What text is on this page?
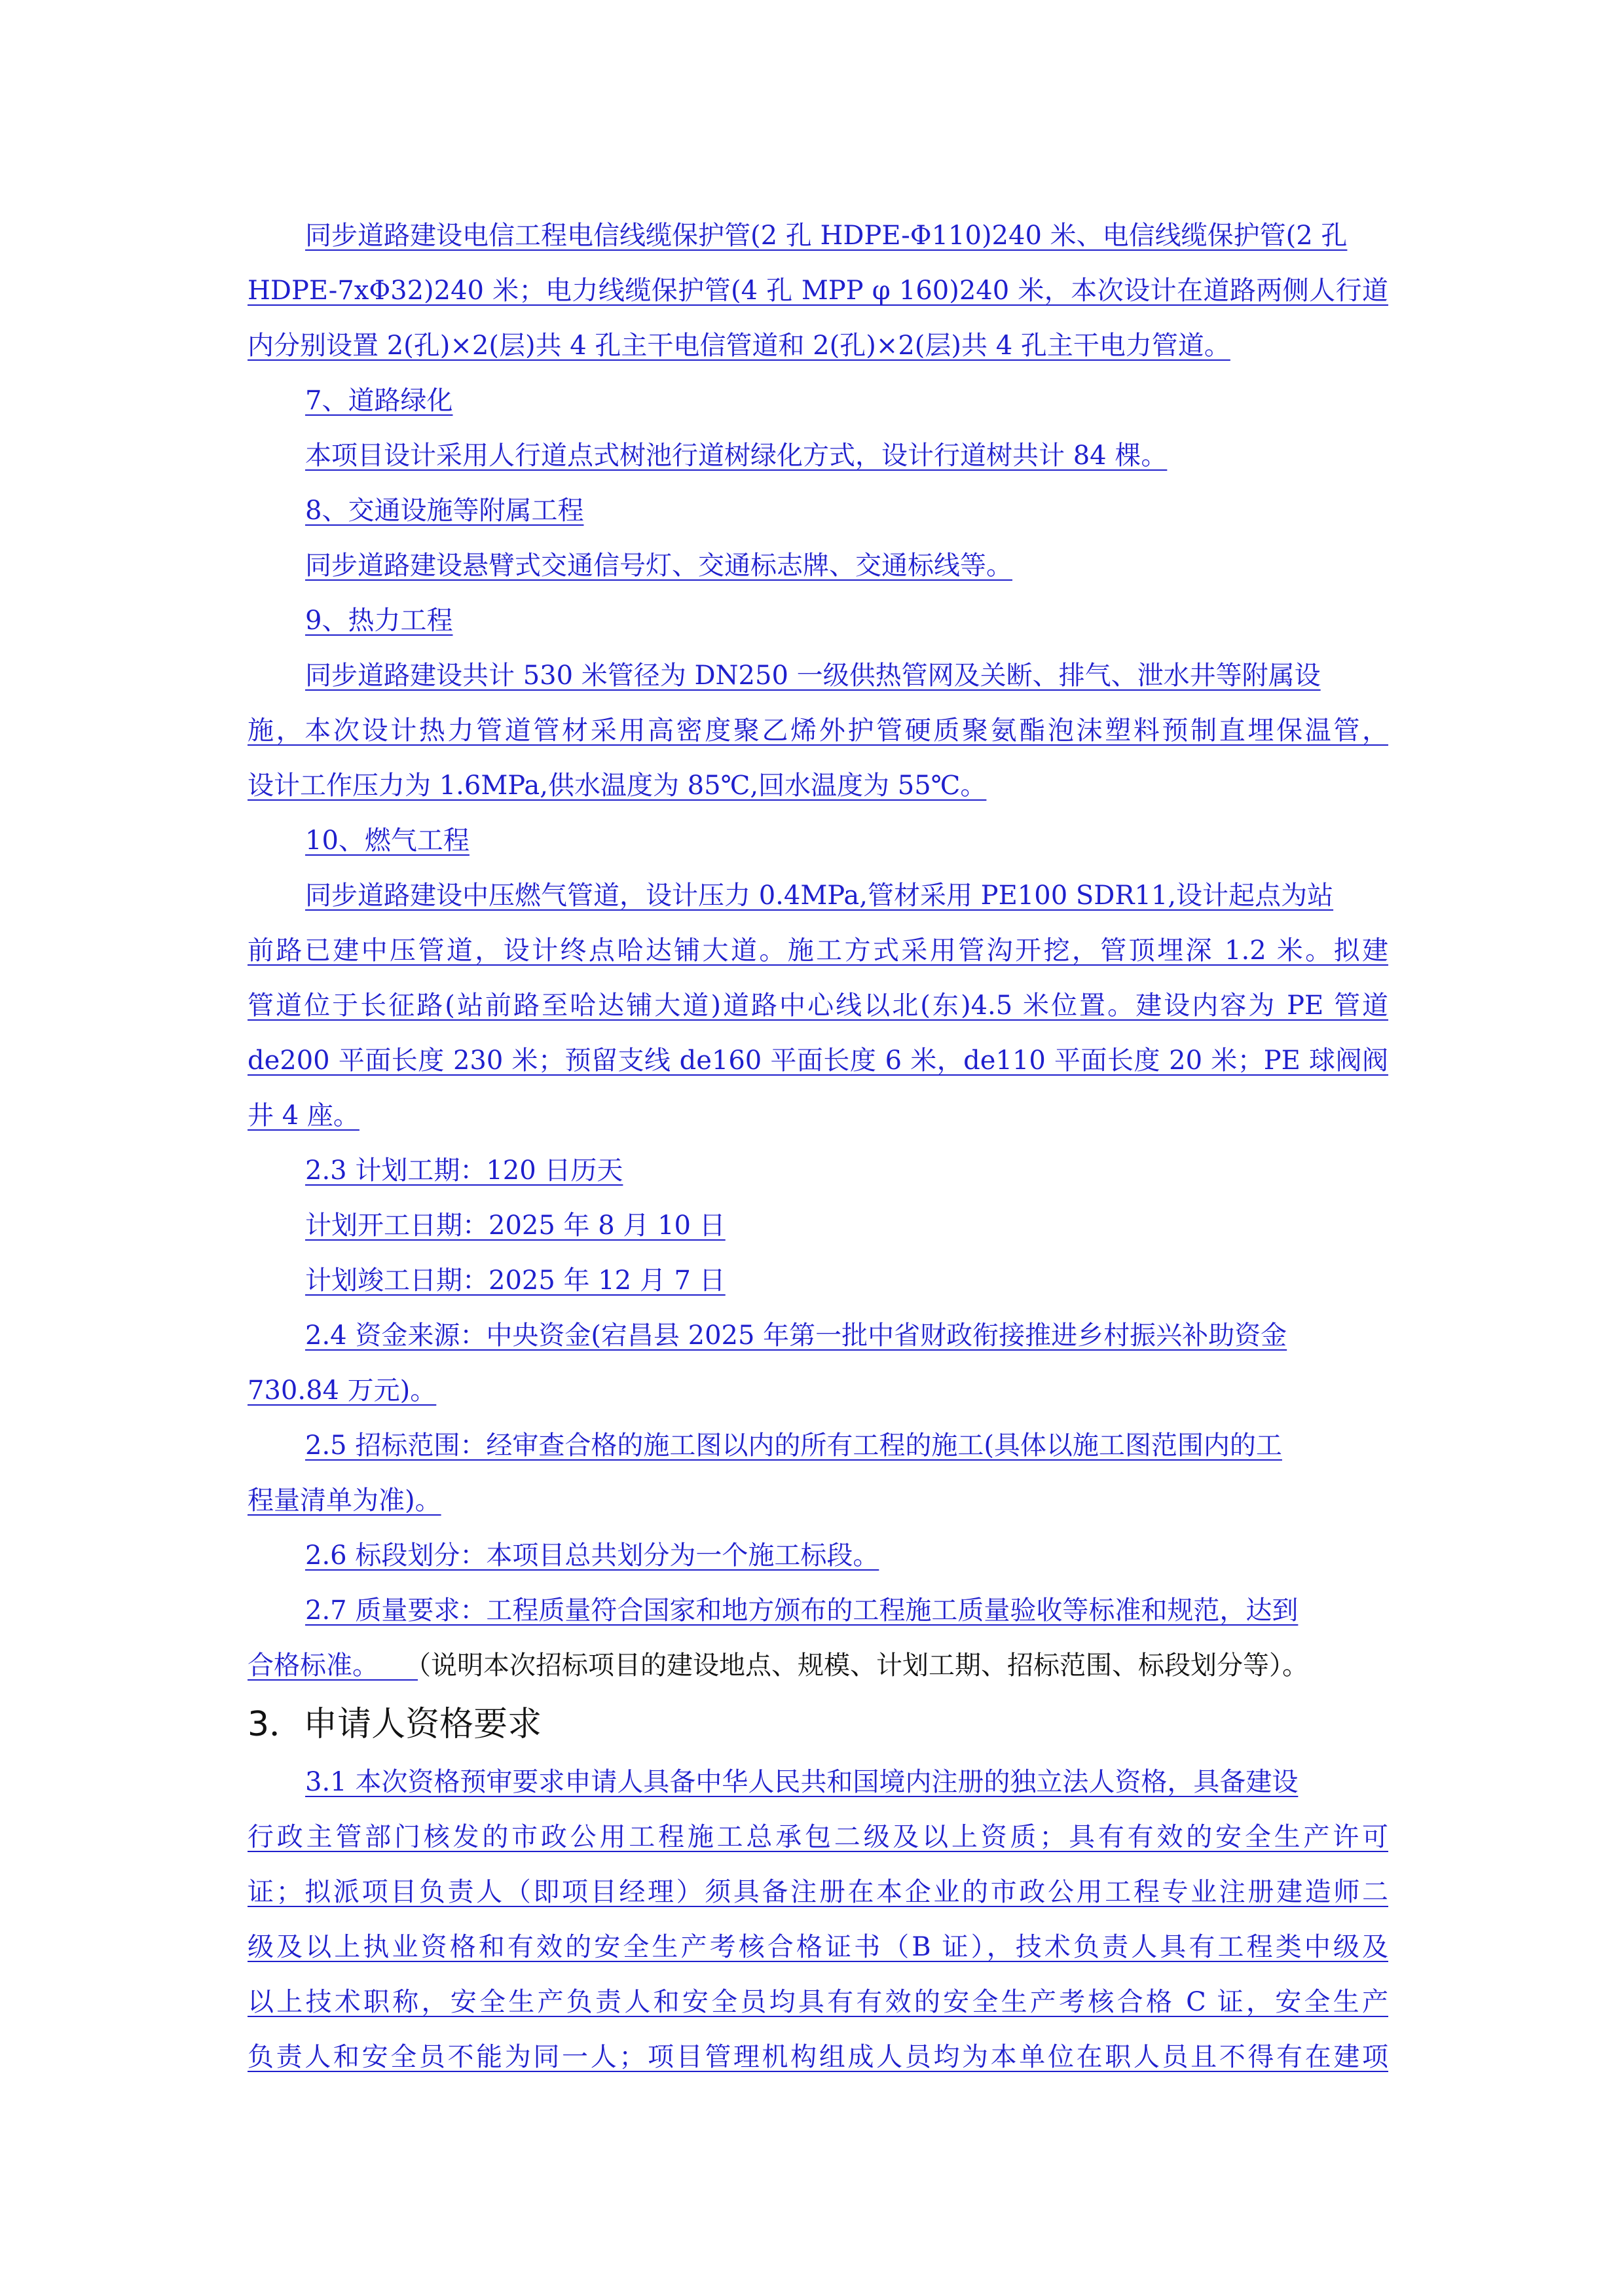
同步道路建设电信工程电信线缆保护管(2 孔 HDPE-Φ110)240 米、电信线缆保护管(2 孔
HDPE-7xΦ32)240 米；电力线缆保护管(4 孔 MPP φ 160)240 米，本次设计在道路两侧人行道
内分别设置 2(孔)×2(层)共 4 孔主干电信管道和 2(孔)×2(层)共 4 孔主干电力管道。
7、道路绿化
本项目设计采用人行道点式树池行道树绿化方式，设计行道树共计 84 棵。
8、交通设施等附属工程
同步道路建设悬臂式交通信号灯、交通标志牌、交通标线等。
9、热力工程
同步道路建设共计 530 米管径为 DN250 一级供热管网及关断、排气、泄水井等附属设
施，本次设计热力管道管材采用高密度聚乙烯外护管硬质聚氨酯泡沫塑料预制直埋保温管，
设计工作压力为 1.6MPa,供水温度为 85℃,回水温度为 55℃。
10、燃气工程
同步道路建设中压燃气管道，设计压力 0.4MPa,管材采用 PE100 SDR11,设计起点为站
前路已建中压管道，设计终点哈达铺大道。施工方式采用管沟开挖，管顶埋深 1.2 米。拟建
管道位于长征路(站前路至哈达铺大道)道路中心线以北(东)4.5 米位置。建设内容为 PE 管道
de200 平面长度 230 米；预留支线 de160 平面长度 6 米，de110 平面长度 20 米；PE 球阀阀
井 4 座。
2.3 计划工期：120 日历天
计划开工日期：2025 年 8 月 10 日
计划竣工日期：2025 年 12 月 7 日
2.4 资金来源：中央资金(宕昌县 2025 年第一批中省财政衔接推进乡村振兴补助资金
730.84 万元)。
2.5 招标范围：经审查合格的施工图以内的所有工程的施工(具体以施工图范围内的工
程量清单为准)。
2.6 标段划分：本项目总共划分为一个施工标段。
2.7 质量要求：工程质量符合国家和地方颁布的工程施工质量验收等标准和规范，达到
合格标准。　　 （说明本次招标项目的建设地点、规模、计划工期、招标范围、标段划分等）。
3．申请人资格要求
3.1 本次资格预审要求申请人具备中华人民共和国境内注册的独立法人资格，具备建设
行政主管部门核发的市政公用工程施工总承包二级及以上资质；具有有效的安全生产许可
证；拟派项目负责人（即项目经理）须具备注册在本企业的市政公用工程专业注册建造师二
级及以上执业资格和有效的安全生产考核合格证书（B 证），技术负责人具有工程类中级及
以上技术职称，安全生产负责人和安全员均具有有效的安全生产考核合格 C 证，安全生产
负责人和安全员不能为同一人；项目管理机构组成人员均为本单位在职人员且不得有在建项
